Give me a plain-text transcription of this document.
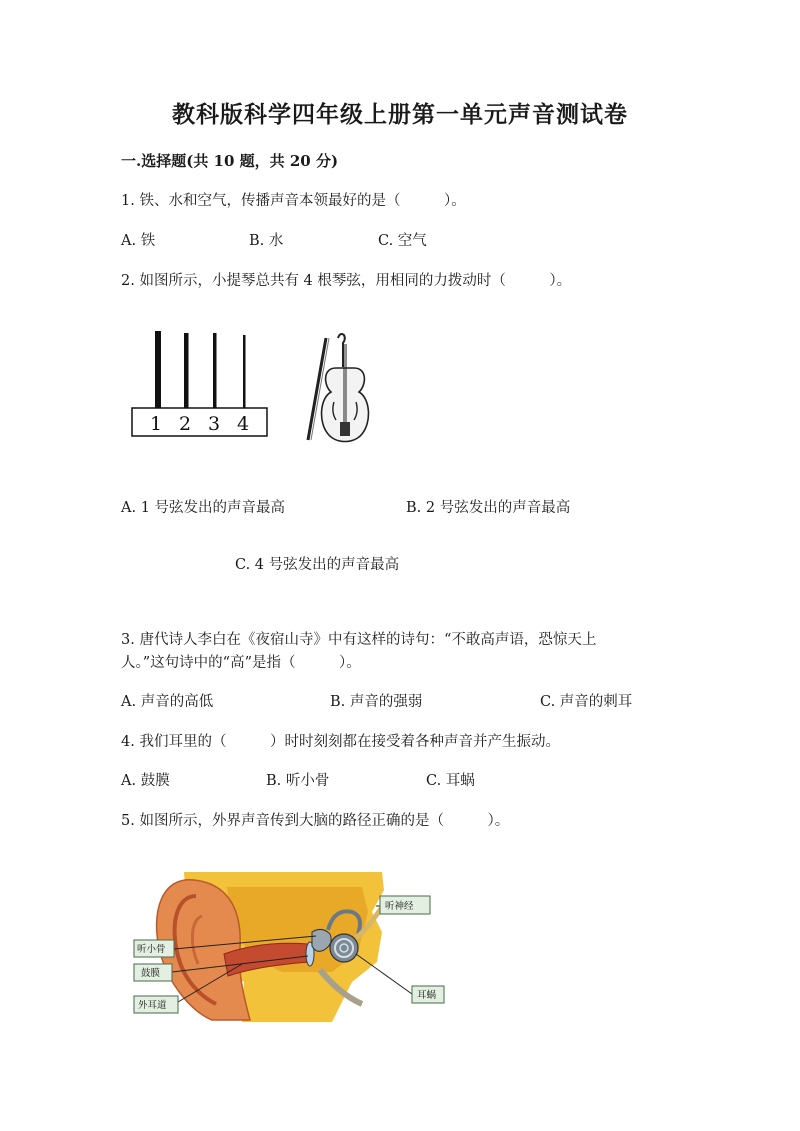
教科版科学四年级上册第一单元声音测试卷
一.选择题(共 10 题，共 20 分)
1. 铁、水和空气，传播声音本领最好的是（　　　）。
A. 铁	B. 水	C. 空气
2. 如图所示，小提琴总共有 4 根琴弦，用相同的力拨动时（　　　）。
1 2 3 4
A. 1 号弦发出的声音最高	B. 2 号弦发出的声音最高
C. 4 号弦发出的声音最高
3. 唐代诗人李白在《夜宿山寺》中有这样的诗句：“不敢高声语，恐惊天上
人。”这句诗中的“高”是指（　　　）。
A. 声音的高低	B. 声音的强弱	C. 声音的刺耳
4. 我们耳里的（　　　）时时刻刻都在接受着各种声音并产生振动。
A. 鼓膜	B. 听小骨	C. 耳蜗
5. 如图所示，外界声音传到大脑的路径正确的是（　　　）。
听神经
听小骨
鼓膜
外耳道
耳蜗
